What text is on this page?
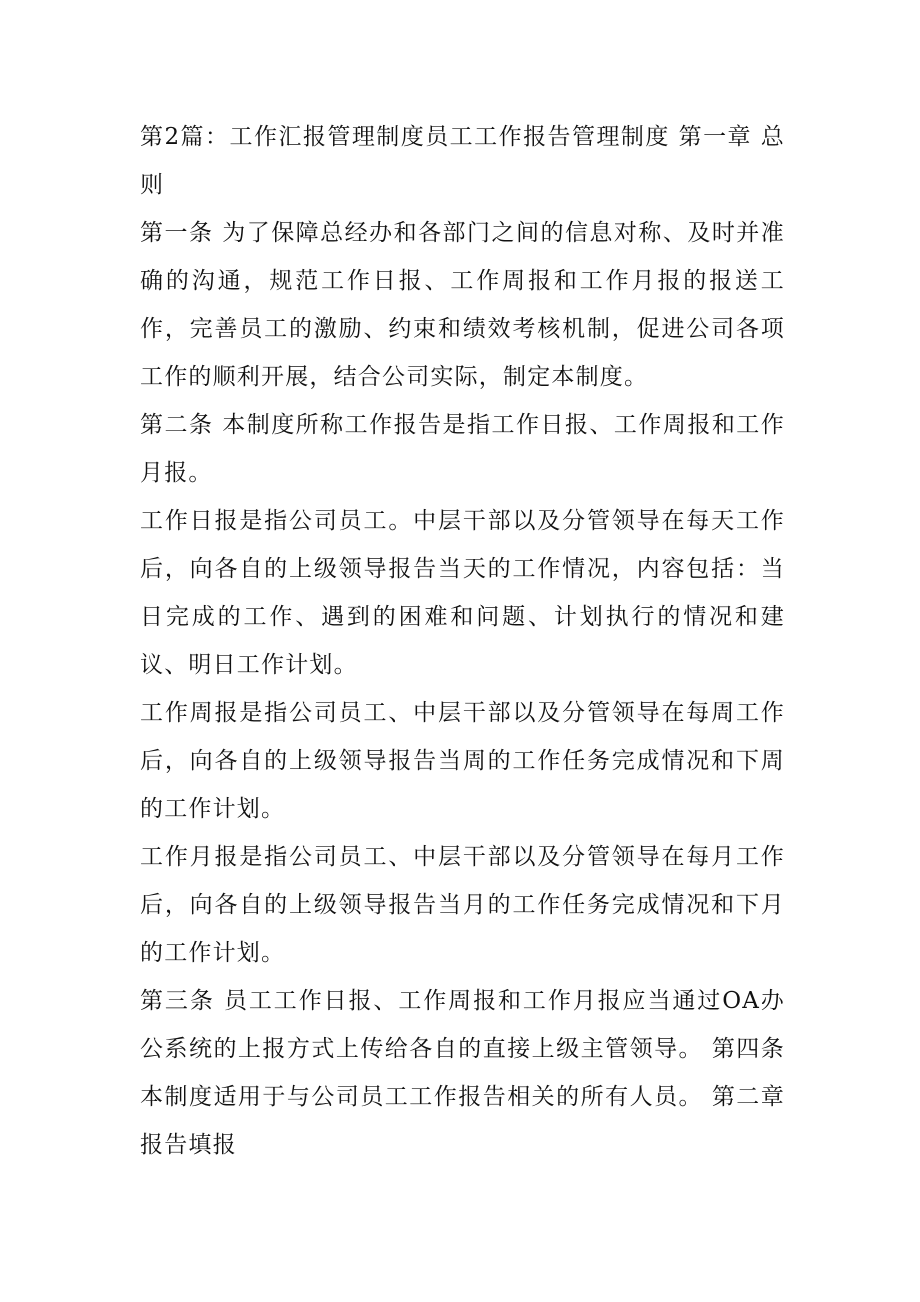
第2篇：工作汇报管理制度员工工作报告管理制度 第一章 总则

第一条 为了保障总经办和各部门之间的信息对称、及时并准确的沟通，规范工作日报、工作周报和工作月报的报送工作，完善员工的激励、约束和绩效考核机制，促进公司各项工作的顺利开展，结合公司实际，制定本制度。

第二条 本制度所称工作报告是指工作日报、工作周报和工作月报。

工作日报是指公司员工。中层干部以及分管领导在每天工作后，向各自的上级领导报告当天的工作情况，内容包括：当日完成的工作、遇到的困难和问题、计划执行的情况和建议、明日工作计划。

工作周报是指公司员工、中层干部以及分管领导在每周工作后，向各自的上级领导报告当周的工作任务完成情况和下周的工作计划。

工作月报是指公司员工、中层干部以及分管领导在每月工作后，向各自的上级领导报告当月的工作任务完成情况和下月的工作计划。

第三条 员工工作日报、工作周报和工作月报应当通过OA办公系统的上报方式上传给各自的直接上级主管领导。 第四条 本制度适用于与公司员工工作报告相关的所有人员。 第二章 报告填报
